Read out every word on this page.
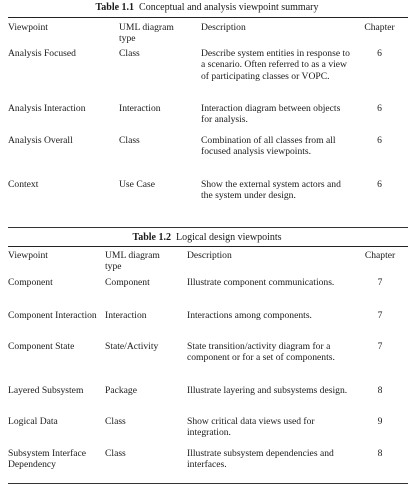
Table 1.1 Conceptual and analysis viewpoint summary
Viewpoint	UML diagram type	Description	Chapter
Analysis Focused	Class	Describe system entities in response to a scenario. Often referred to as a view of participating classes or VOPC.	6
Analysis Interaction	Interaction	Interaction diagram between objects for analysis.	6
Analysis Overall	Class	Combination of all classes from all focused analysis viewpoints.	6
Context	Use Case	Show the external system actors and the system under design.	6
Table 1.2 Logical design viewpoints
Viewpoint	UML diagram type	Description	Chapter
Component	Component	Illustrate component communications.	7
Component Interaction	Interaction	Interactions among components.	7
Component State	State/Activity	State transition/activity diagram for a component or for a set of components.	7
Layered Subsystem	Package	Illustrate layering and subsystems design.	8
Logical Data	Class	Show critical data views used for integration.	9
Subsystem Interface Dependency	Class	Illustrate subsystem dependencies and interfaces.	8
